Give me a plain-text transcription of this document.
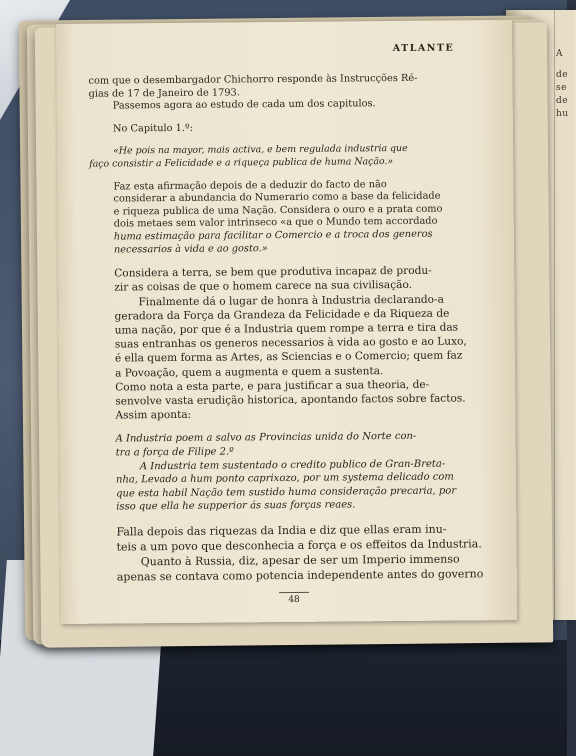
A
de
se
de
hu
ATLANTE

com que o desembargador Chichorro responde às Instrucções Ré-
gias de 17 de Janeiro de 1793.

Passemos agora ao estudo de cada um dos capitulos.

No Capitulo 1.º:

«He pois na mayor, mais activa, e bem regulada industria que
faço consistir a Felicidade e a riqueça publica de huma Nação.»

Faz esta afirmação depois de a deduzir do facto de não
considerar a abundancia do Numerario como a base da felicidade
e riqueza publica de uma Nação. Considera o ouro e a prata como
dois metaes sem valor intrinseco «a que o Mundo tem accordado
huma estimação para facilitar o Comercio e a troca dos generos
necessarios à vida e ao gosto.»

Considera a terra, se bem que produtiva incapaz de produ-
zir as coisas de que o homem carece na sua civilisação.
Finalmente dá o lugar de honra à Industria declarando-a
geradora da Força da Grandeza da Felicidade e da Riqueza de
uma nação, por que é a Industria quem rompe a terra e tira das
suas entranhas os generos necessarios à vida ao gosto e ao Luxo,
é ella quem forma as Artes, as Sciencias e o Comercio; quem faz
a Povoação, quem a augmenta e quem a sustenta.

Como nota a esta parte, e para justificar a sua theoria, de-
senvolve vasta erudição historica, apontando factos sobre factos.
Assim aponta:

A Industria poem a salvo as Provincias unida do Norte con-
tra a força de Filipe 2.º
A Industria tem sustentado o credito publico de Gran-Breta-
nha, Levado a hum ponto caprixozo, por um systema delicado com
que esta habil Nação tem sustido huma consideração precaria, por
isso que ella he supperior ás suas forças reaes.

Falla depois das riquezas da India e diz que ellas eram inu-
teis a um povo que desconhecia a força e os effeitos da Industria.
Quanto à Russia, diz, apesar de ser um Imperio immenso
apenas se contava como potencia independente antes do governo

48
